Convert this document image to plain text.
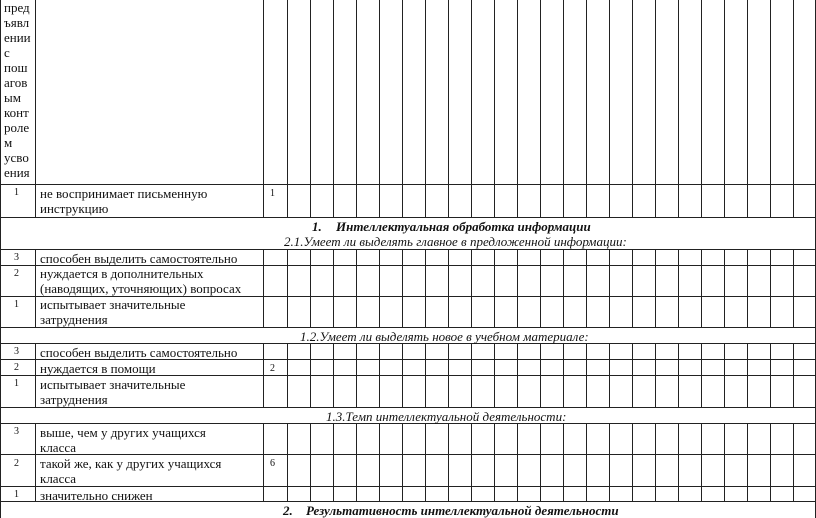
пред
ъявл
ении
с
пош
агов
ым
конт
роле
м
усво
ения
1 не воспринимает письменную
инструкцию
1
1. Интеллектуальная обработка информации
2.1.Умеет ли выделять главное в предложенной информации:
3 способен выделить самостоятельно
2 нуждается в дополнительных
(наводящих, уточняющих) вопросах
1 испытывает значительные
затруднения
1.2.Умеет ли выделять новое в учебном материале:
3 способен выделить самостоятельно
2 нуждается в помощи	2
1 испытывает значительные
затруднения
1.3.Темп интеллектуальной деятельности:
3 выше, чем у других учащихся
класса
2 такой же, как у других учащихся
класса
6
1 значительно снижен
2. Результативность интеллектуальной деятельности
